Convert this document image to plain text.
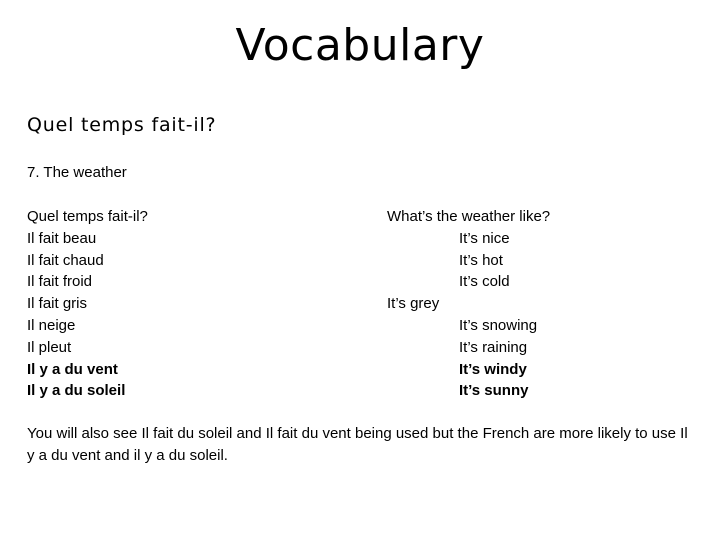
Vocabulary
Quel temps fait-il?
7. The weather
Quel temps fait-il?
Il fait beau
Il fait chaud
Il fait froid
Il fait gris
Il neige
Il pleut
Il y a du vent
Il y a du soleil
What’s the weather like?
It’s nice
It’s hot
It’s cold
It’s grey
It’s snowing
It’s raining
It’s windy
It’s sunny
You will also see Il fait du soleil and Il fait du vent being used but the French are more likely to use Il y a du vent and il y a du soleil.
